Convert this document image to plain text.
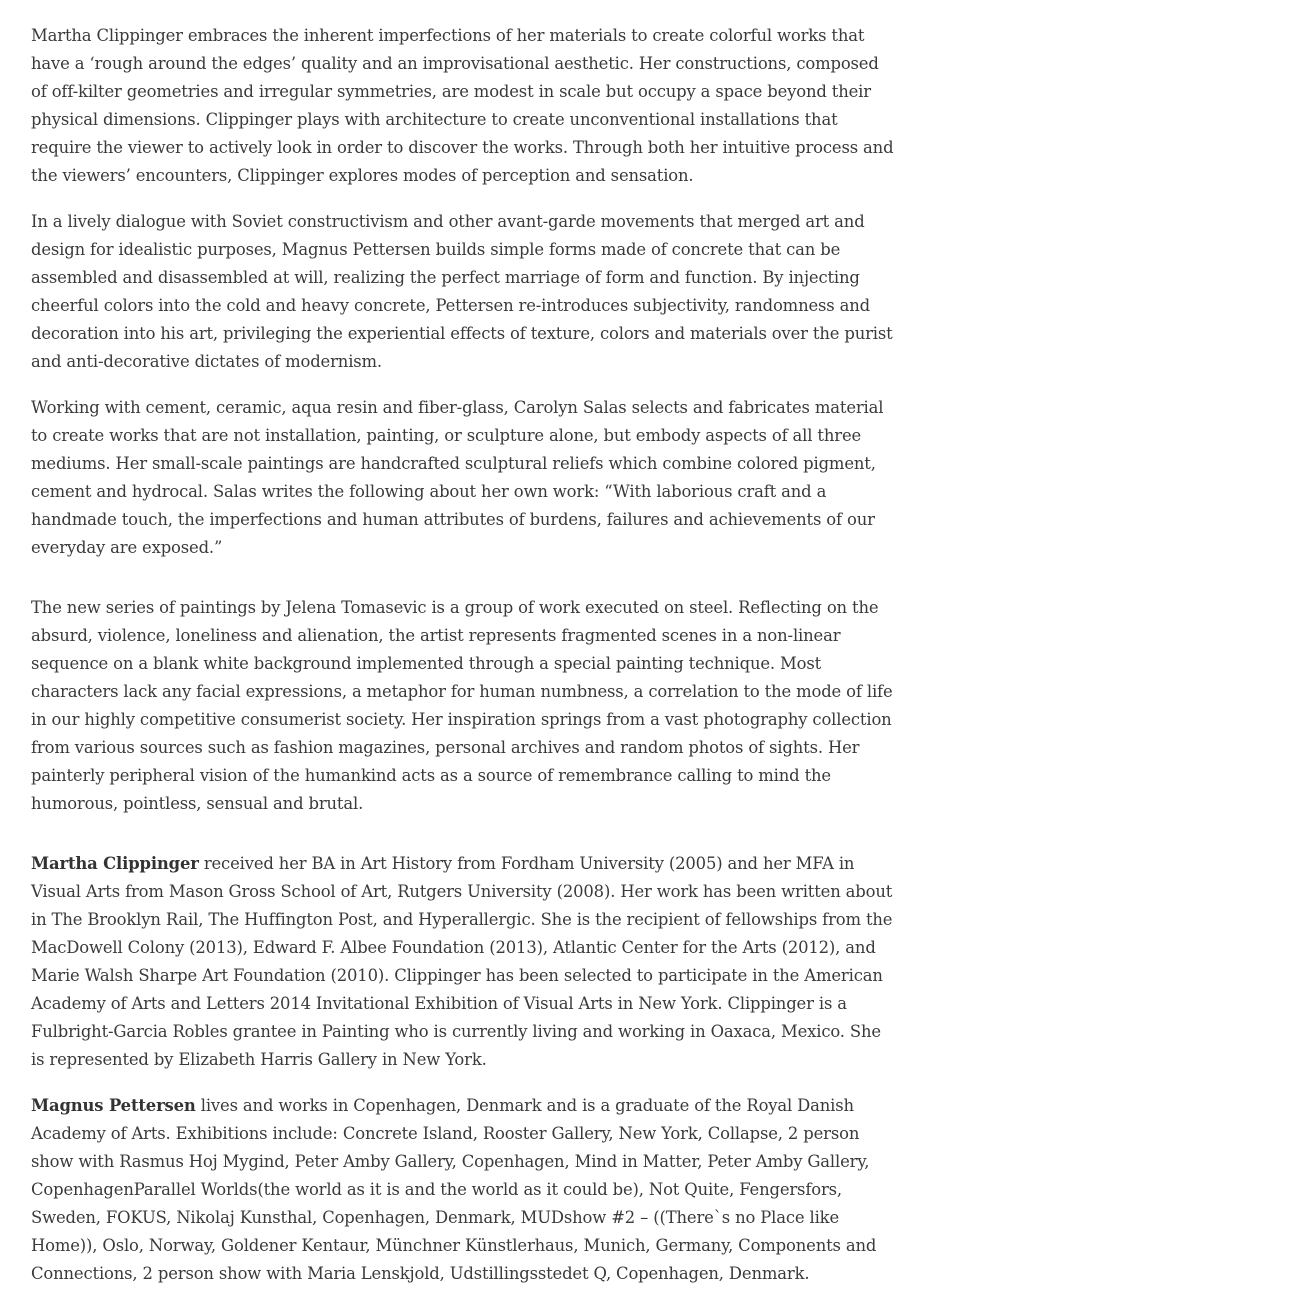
Martha Clippinger embraces the inherent imperfections of her materials to create colorful works that have a ‘rough around the edges’ quality and an improvisational aesthetic. Her constructions, composed of off-kilter geometries and irregular symmetries, are modest in scale but occupy a space beyond their physical dimensions. Clippinger plays with architecture to create unconventional installations that require the viewer to actively look in order to discover the works. Through both her intuitive process and the viewers’ encounters, Clippinger explores modes of perception and sensation.

In a lively dialogue with Soviet constructivism and other avant-garde movements that merged art and design for idealistic purposes, Magnus Pettersen builds simple forms made of concrete that can be assembled and disassembled at will, realizing the perfect marriage of form and function. By injecting cheerful colors into the cold and heavy concrete, Pettersen re-introduces subjectivity, randomness and decoration into his art, privileging the experiential effects of texture, colors and materials over the purist and anti-decorative dictates of modernism.

Working with cement, ceramic, aqua resin and fiber-glass, Carolyn Salas selects and fabricates material to create works that are not installation, painting, or sculpture alone, but embody aspects of all three mediums. Her small-scale paintings are handcrafted sculptural reliefs which combine colored pigment, cement and hydrocal. Salas writes the following about her own work: “With laborious craft and a handmade touch, the imperfections and human attributes of burdens, failures and achievements of our everyday are exposed.”

The new series of paintings by Jelena Tomasevic is a group of work executed on steel. Reflecting on the absurd, violence, loneliness and alienation, the artist represents fragmented scenes in a non-linear sequence on a blank white background implemented through a special painting technique. Most characters lack any facial expressions, a metaphor for human numbness, a correlation to the mode of life in our highly competitive consumerist society. Her inspiration springs from a vast photography collection from various sources such as fashion magazines, personal archives and random photos of sights. Her painterly peripheral vision of the humankind acts as a source of remembrance calling to mind the humorous, pointless, sensual and brutal.

Martha Clippinger received her BA in Art History from Fordham University (2005) and her MFA in Visual Arts from Mason Gross School of Art, Rutgers University (2008). Her work has been written about in The Brooklyn Rail, The Huffington Post, and Hyperallergic. She is the recipient of fellowships from the MacDowell Colony (2013), Edward F. Albee Foundation (2013), Atlantic Center for the Arts (2012), and Marie Walsh Sharpe Art Foundation (2010). Clippinger has been selected to participate in the American Academy of Arts and Letters 2014 Invitational Exhibition of Visual Arts in New York. Clippinger is a Fulbright-Garcia Robles grantee in Painting who is currently living and working in Oaxaca, Mexico. She is represented by Elizabeth Harris Gallery in New York.

Magnus Pettersen lives and works in Copenhagen, Denmark and is a graduate of the Royal Danish Academy of Arts. Exhibitions include: Concrete Island, Rooster Gallery, New York, Collapse, 2 person show with Rasmus Hoj Mygind, Peter Amby Gallery, Copenhagen, Mind in Matter, Peter Amby Gallery, CopenhagenParallel Worlds(the world as it is and the world as it could be), Not Quite, Fengersfors, Sweden, FOKUS, Nikolaj Kunsthal, Copenhagen, Denmark, MUDshow #2 – ((There`s no Place like Home)), Oslo, Norway, Goldener Kentaur, Münchner Künstlerhaus, Munich, Germany, Components and Connections, 2 person show with Maria Lenskjold, Udstillingsstedet Q, Copenhagen, Denmark.
